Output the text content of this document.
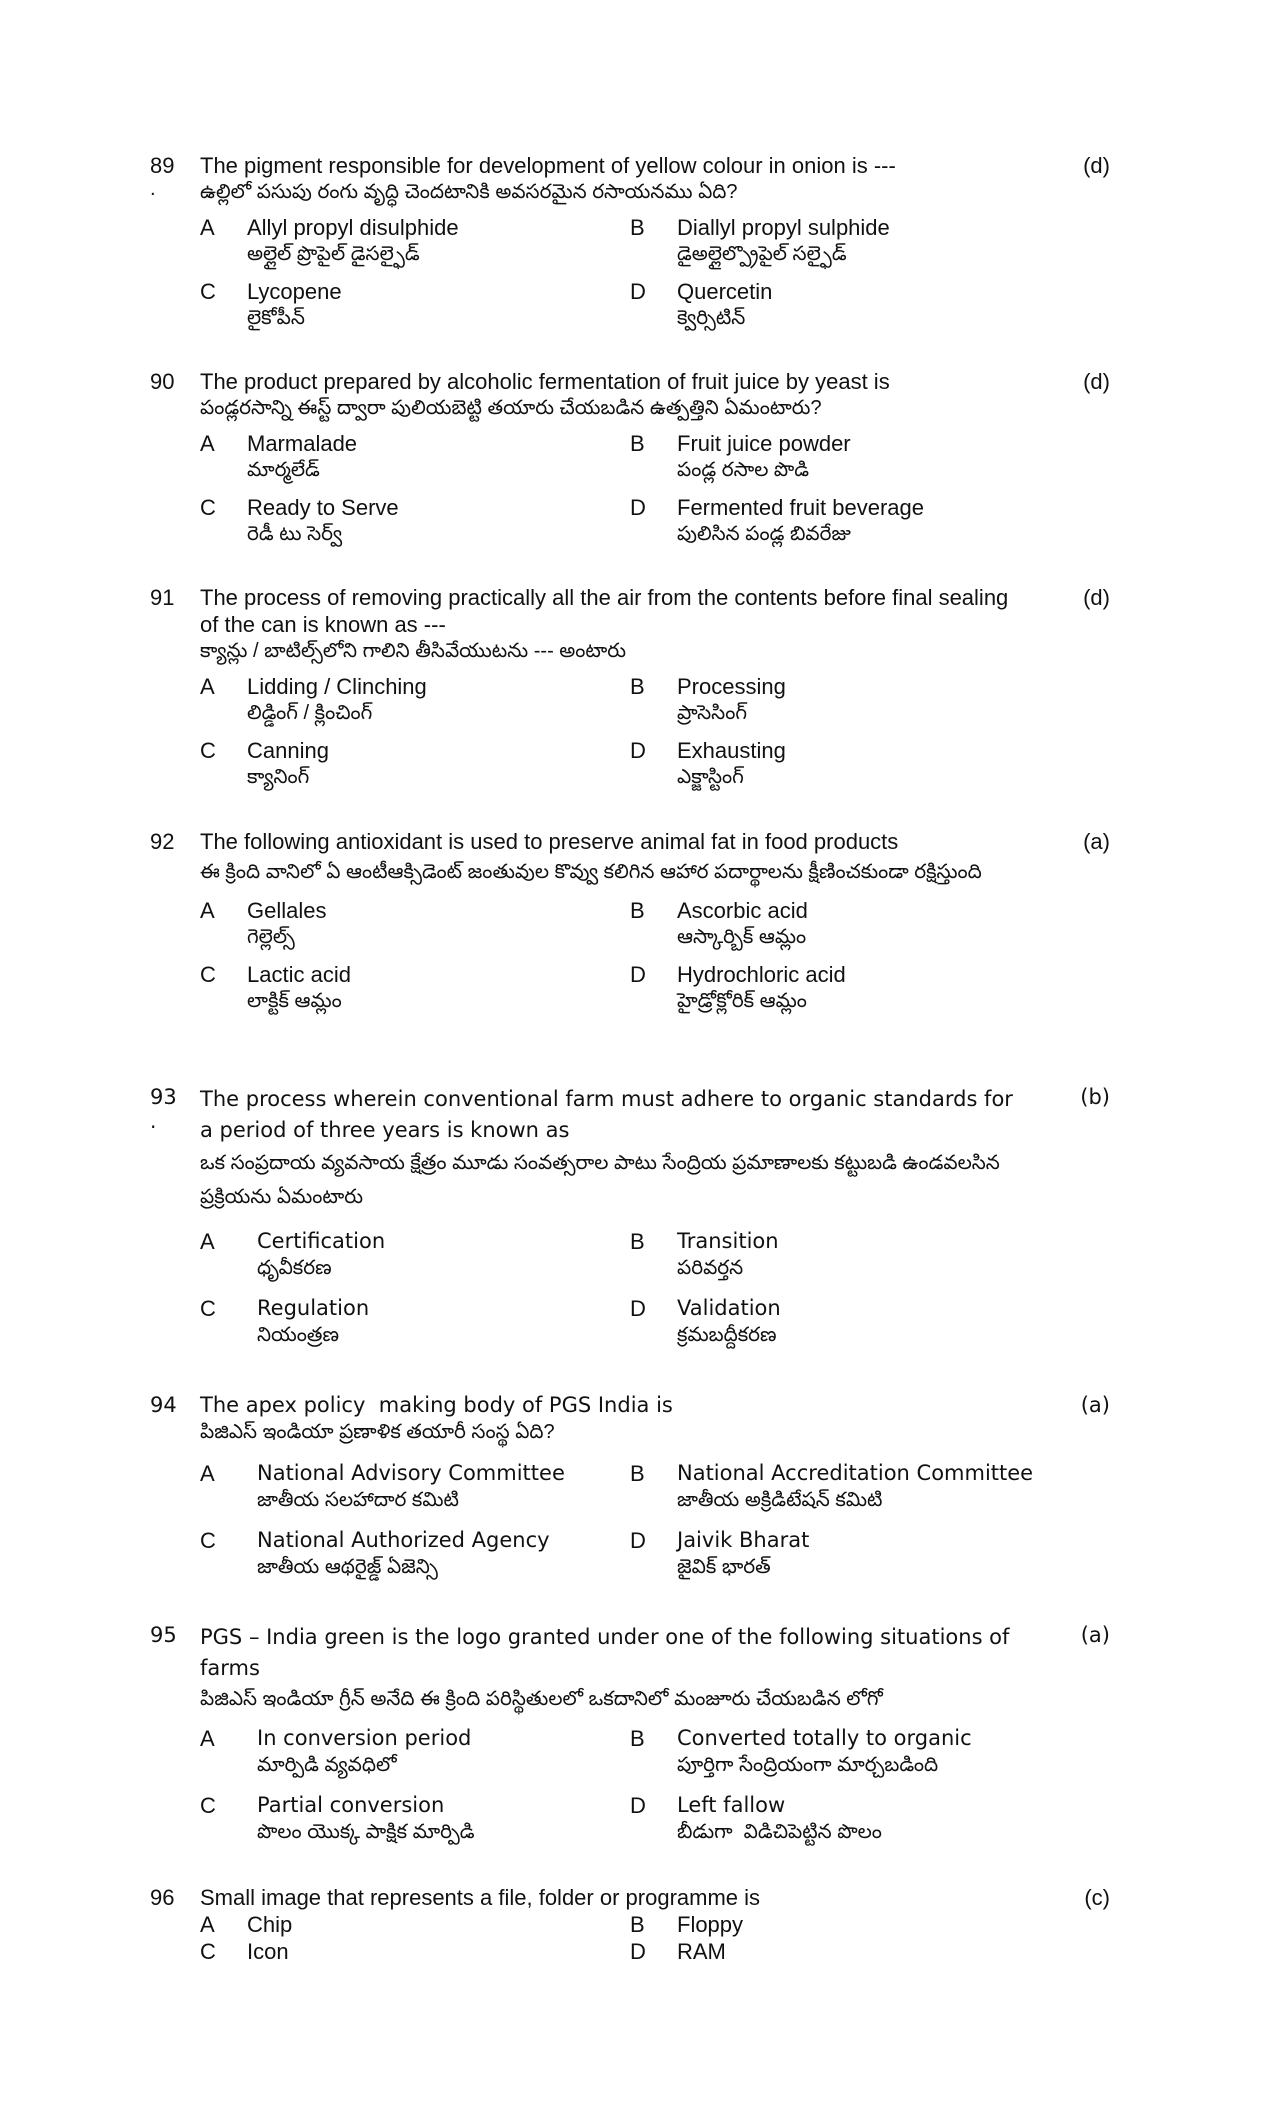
89
.
The pigment responsible for development of yellow colour in onion is ---
ఉల్లిలో పసుపు రంగు వృద్ధి చెందటానికి అవసరమైన రసాయనము ఏది?
A Allyl propyl disulphide
అల్లైల్ ప్రొపైల్ డైసల్ఫైడ్
B Diallyl propyl sulphide
డైఅల్లైల్ప్రొపైల్ సల్ఫైడ్

C Lycopene
లైకోపీన్
D Quercetin
క్వెర్సిటిన్
(d)
90	The product prepared by alcoholic fermentation of fruit juice by yeast is
పండ్లరసాన్ని ఈస్ట్ ద్వారా పులియబెట్టి తయారు చేయబడిన ఉత్పత్తిని ఏమంటారు?
A Marmalade
మార్మలేడ్
B Fruit juice powder
పండ్ల రసాల పొడి

C Ready to Serve
రెడీ టు సెర్వ్
D Fermented fruit beverage
పులిసిన పండ్ల బివరేజు
(d)
91	The process of removing practically all the air from the contents before final sealing of the can is known as ---
క్యాన్లు / బాటిల్స్‌లోని గాలిని తీసివేయుటను --- అంటారు
A Lidding / Clinching
లిడ్డింగ్ / క్లించింగ్
B Processing
ప్రాసెసింగ్

C Canning
క్యానింగ్
D Exhausting
ఎక్జాస్టింగ్
(d)
92	The following antioxidant is used to preserve animal fat in food products
ఈ క్రింది వానిలో ఏ ఆంటీఆక్సిడెంట్ జంతువుల కొవ్వు కలిగిన ఆహార పదార్థాలను క్షీణించకుండా రక్షిస్తుంది
A Gellales
గెల్లెల్స్
B Ascorbic acid
ఆస్కార్బిక్ ఆమ్లం

C Lactic acid
లాక్టిక్ ఆమ్లం
D Hydrochloric acid
హైడ్రోక్లోరిక్ ఆమ్లం
(a)
93
.
The process wherein conventional farm must adhere to organic standards for a period of three years is known as
ఒక సంప్రదాయ వ్యవసాయ క్షేత్రం మూడు సంవత్సరాల పాటు సేంద్రియ ప్రమాణాలకు కట్టుబడి ఉండవలసిన ప్రక్రియను ఏమంటారు
A Certification
ధృవీకరణ
B Transition
పరివర్తన

C Regulation
నియంత్రణ
D Validation
క్రమబద్దీకరణ
(b)
94	The apex policy  making body of PGS India is
పిజిఎస్ ఇండియా ప్రణాళిక తయారీ సంస్థ ఏది?
A National Advisory Committee
జాతీయ సలహాదార కమిటి
B National Accreditation Committee
జాతీయ అక్రిడిటేషన్ కమిటి

C National Authorized Agency
జాతీయ ఆథరైజ్డ్ ఏజెన్సి
D Jaivik Bharat
జైవిక్ భారత్
(a)
95	PGS – India green is the logo granted under one of the following situations of farms
పిజిఎస్ ఇండియా గ్రీన్ అనేది ఈ క్రింది పరిస్థితులలో ఒకదానిలో మంజూరు చేయబడిన లోగో
A In conversion period
మార్పిడి వ్యవధిలో
B Converted totally to organic
పూర్తిగా సేంద్రియంగా మార్చబడింది

C Partial conversion
పొలం యొక్క పాక్షిక మార్పిడి
D Left fallow
బీడుగా  విడిచిపెట్టిన పొలం
(a)
96	Small image that represents a file, folder or programme is
A Chip	B Floppy

C Icon	D RAM
(c)
